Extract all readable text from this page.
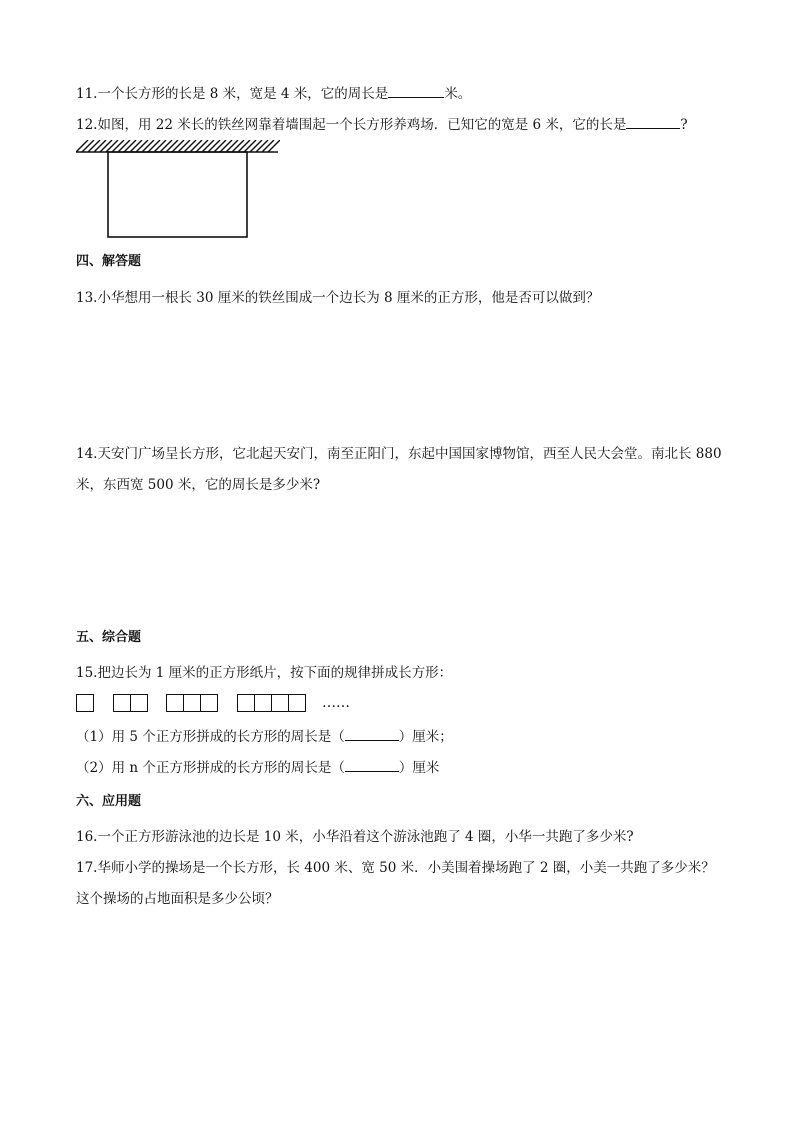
11.一个长方形的长是 8 米，宽是 4 米，它的周长是	米。
12.如图，用 22 米长的铁丝网靠着墙围起一个长方形养鸡场．已知它的宽是 6 米，它的长是	?
四、解答题
13.小华想用一根长 30 厘米的铁丝围成一个边长为 8 厘米的正方形，他是否可以做到？
14.天安门广场呈长方形，它北起天安门，南至正阳门，东起中国国家博物馆，西至人民大会堂。南北长 880
米，东西宽 500 米，它的周长是多少米?
五、综合题
15.把边长为 1 厘米的正方形纸片，按下面的规律拼成长方形：
……
（1）用 5 个正方形拼成的长方形的周长是（	）厘米；
（2）用 n 个正方形拼成的长方形的周长是（	）厘米
六、应用题
16.一个正方形游泳池的边长是 10 米，小华沿着这个游泳池跑了 4 圈，小华一共跑了多少米?
17.华师小学的操场是一个长方形，长 400 米、宽 50 米．小美围着操场跑了 2 圈，小美一共跑了多少米？
这个操场的占地面积是多少公顷？
